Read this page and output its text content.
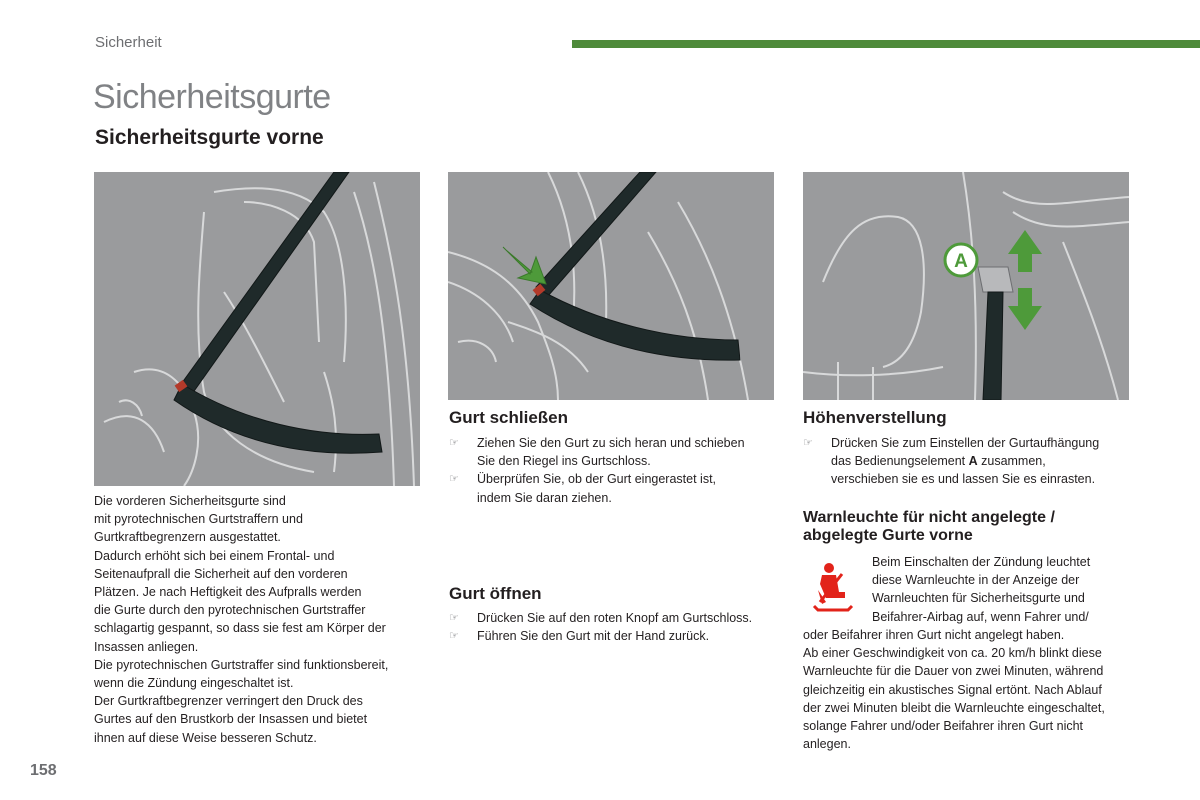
Sicherheit
Sicherheitsgurte
Sicherheitsgurte vorne
A
Die vorderen Sicherheitsgurte sind
mit pyrotechnischen Gurtstraffern und
Gurtkraftbegrenzern ausgestattet.
Dadurch erhöht sich bei einem Frontal- und
Seitenaufprall die Sicherheit auf den vorderen
Plätzen. Je nach Heftigkeit des Aufpralls werden
die Gurte durch den pyrotechnischen Gurtstraffer
schlagartig gespannt, so dass sie fest am Körper der
Insassen anliegen.
Die pyrotechnischen Gurtstraffer sind funktionsbereit,
wenn die Zündung eingeschaltet ist.
Der Gurtkraftbegrenzer verringert den Druck des
Gurtes auf den Brustkorb der Insassen und bietet
ihnen auf diese Weise besseren Schutz.
Gurt schließen
☞ Ziehen Sie den Gurt zu sich heran und schieben
Sie den Riegel ins Gurtschloss.
☞ Überprüfen Sie, ob der Gurt eingerastet ist,
indem Sie daran ziehen.
Gurt öffnen
☞ Drücken Sie auf den roten Knopf am Gurtschloss.
☞ Führen Sie den Gurt mit der Hand zurück.
Höhenverstellung
☞ Drücken Sie zum Einstellen der Gurtaufhängung
das Bedienungselement A zusammen,
verschieben sie es und lassen Sie es einrasten.
Warnleuchte für nicht angelegte /
abgelegte Gurte vorne
Beim Einschalten der Zündung leuchtet
diese Warnleuchte in der Anzeige der
Warnleuchten für Sicherheitsgurte und
Beifahrer-Airbag auf, wenn Fahrer und/
oder Beifahrer ihren Gurt nicht angelegt haben.
Ab einer Geschwindigkeit von ca. 20 km/h blinkt diese
Warnleuchte für die Dauer von zwei Minuten, während
gleichzeitig ein akustisches Signal ertönt. Nach Ablauf
der zwei Minuten bleibt die Warnleuchte eingeschaltet,
solange Fahrer und/oder Beifahrer ihren Gurt nicht
anlegen.
158
